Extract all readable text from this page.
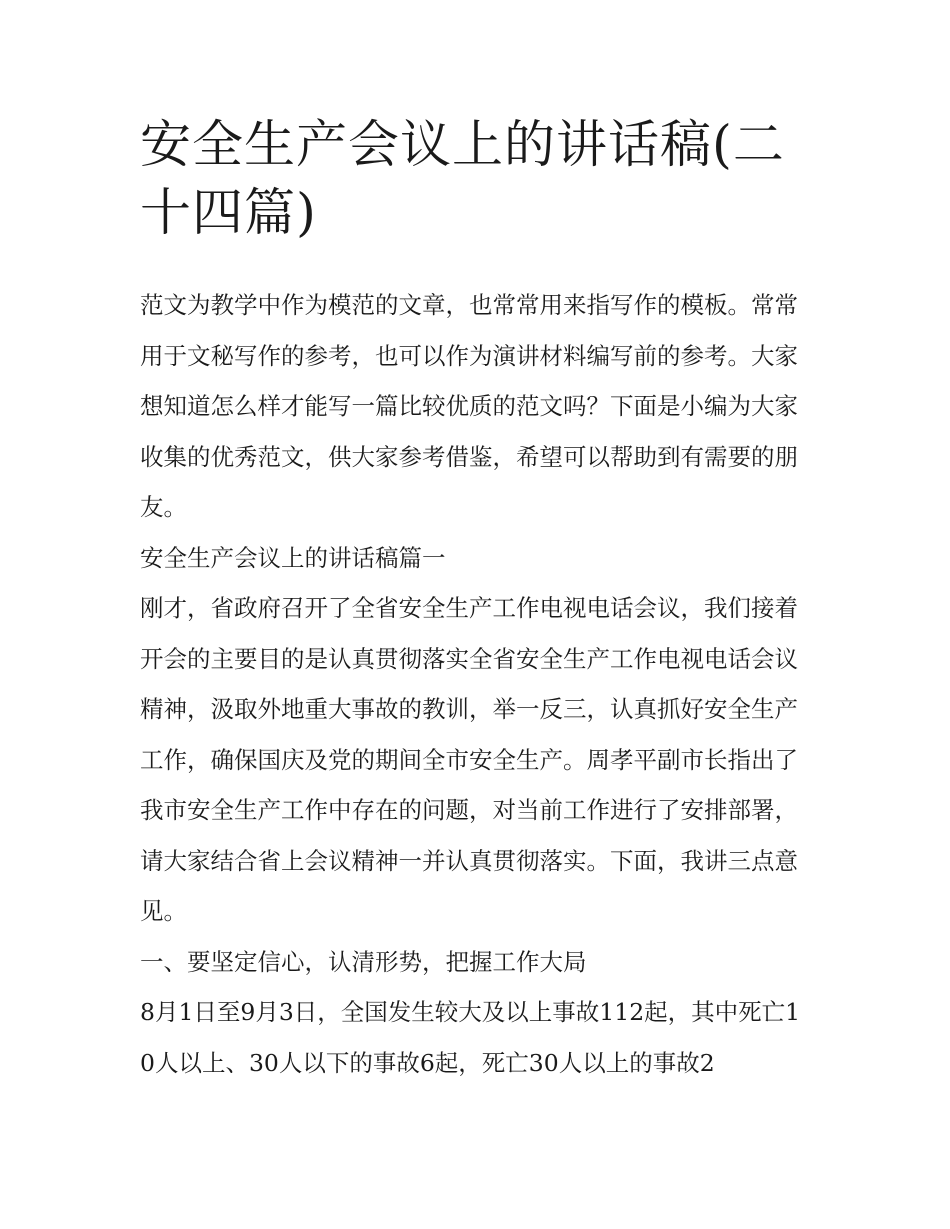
安全生产会议上的讲话稿(二十四篇)

范文为教学中作为模范的文章，也常常用来指写作的模板。常常用于文秘写作的参考，也可以作为演讲材料编写前的参考。大家想知道怎么样才能写一篇比较优质的范文吗？下面是小编为大家收集的优秀范文，供大家参考借鉴，希望可以帮助到有需要的朋友。

安全生产会议上的讲话稿篇一

刚才，省政府召开了全省安全生产工作电视电话会议，我们接着开会的主要目的是认真贯彻落实全省安全生产工作电视电话会议精神，汲取外地重大事故的教训，举一反三，认真抓好安全生产工作，确保国庆及党的期间全市安全生产。周孝平副市长指出了我市安全生产工作中存在的问题，对当前工作进行了安排部署，请大家结合省上会议精神一并认真贯彻落实。下面，我讲三点意见。

一、要坚定信心，认清形势，把握工作大局

8月1日至9月3日，全国发生较大及以上事故112起，其中死亡10人以上、30人以下的事故6起，死亡30人以上的事故2
